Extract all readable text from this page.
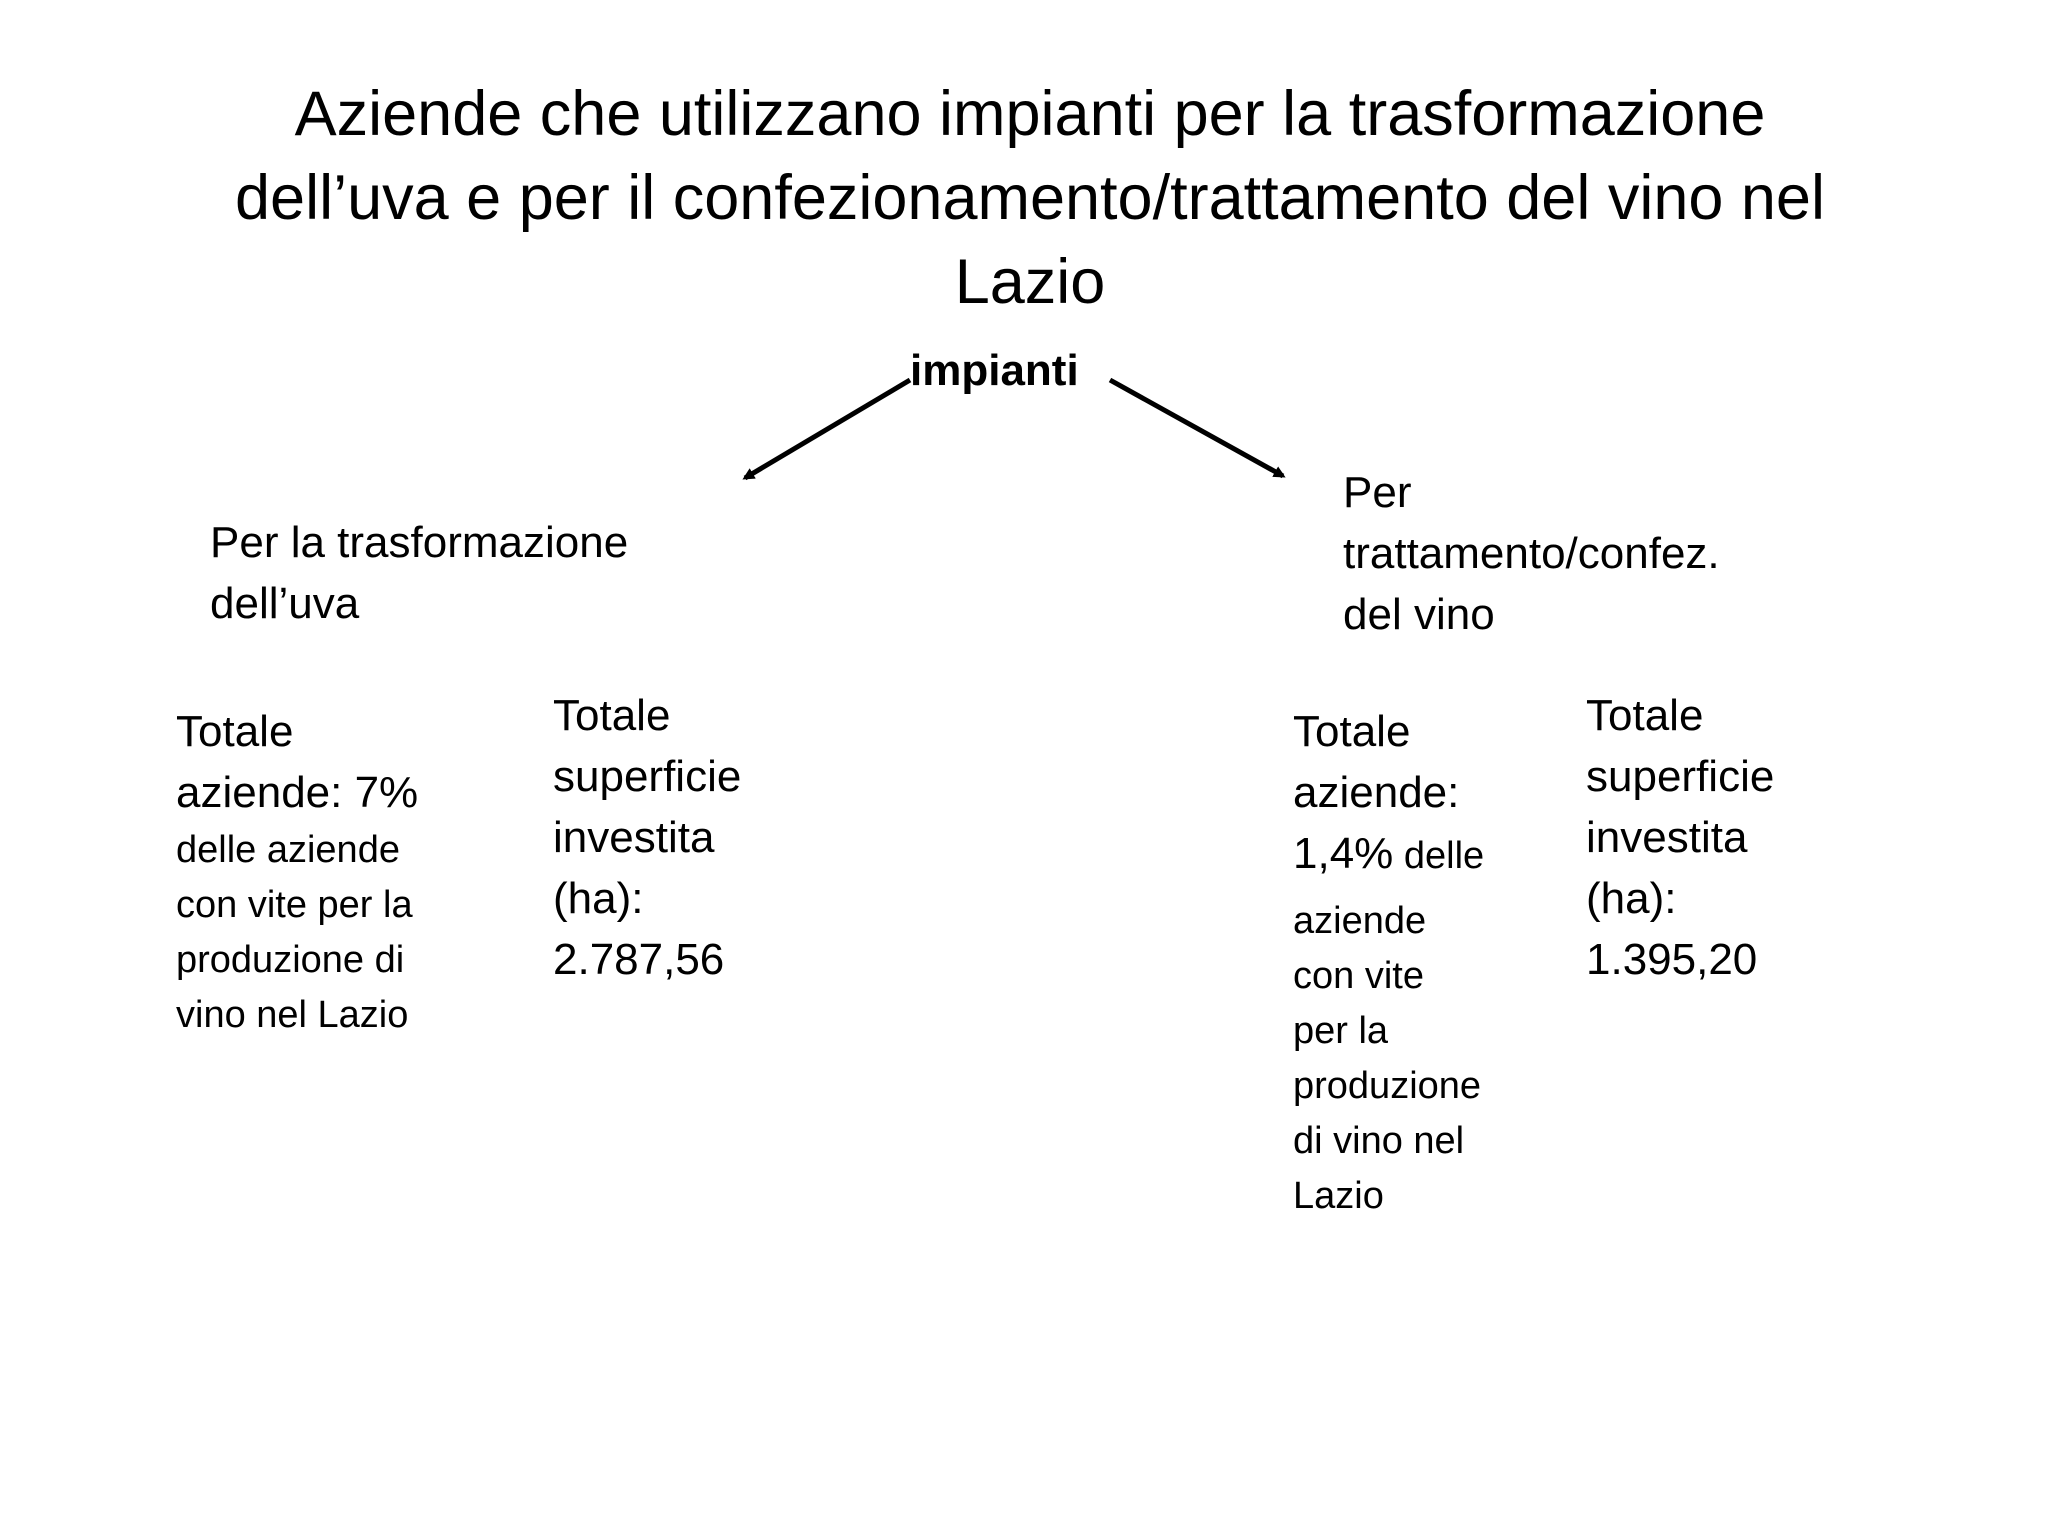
Aziende che utilizzano impianti per la trasformazione
dell’uva e per il confezionamento/trattamento del vino nel
Lazio
impianti
Per la trasformazione
dell’uva
Per
trattamento/confez.
del vino
Totale
aziende: 7%
delle aziende
con vite per la
produzione di
vino nel Lazio
Totale
superficie
investita
(ha):
2.787,56
Totale
aziende:
1,4% delle
aziende
con vite
per la
produzione
di vino nel
Lazio
Totale
superficie
investita
(ha):
1.395,20
